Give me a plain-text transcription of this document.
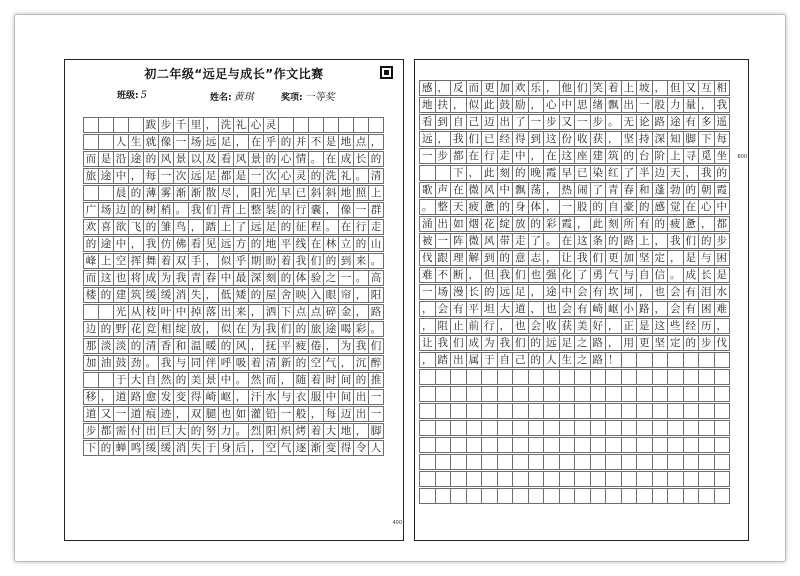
初二年级“远足与成长”作文比赛
班级: 5	姓名: 黄琪	奖项: 一等奖
跋 步 千 里 ， 洗 礼 心 灵
人 生 就 像 一 场 远 足 ， 在 乎 的 并 不 是 地 点 ，
而 是 沿 途 的 风 景 以 及 看 风 景 的 心 情 。 在 成 长 的
旅 途 中 ， 每 一 次 远 足 都 是 一 次 心 灵 的 洗 礼 。 清
晨 的 薄 雾 渐 渐 散 尽 ， 阳 光 早 已 斜 斜 地 照 上
广 场 边 的 树 梢 。 我 们 背 上 整 装 的 行 囊 ， 像 一 群
欢 喜 欲 飞 的 雏 鸟 ， 踏 上 了 远 足 的 征 程 。 在 行 走
的 途 中 ， 我 仿 佛 看 见 远 方 的 地 平 线 在 林 立 的 山
峰 上 空 挥 舞 着 双 手 ， 似 乎 期 盼 着 我 们 的 到 来 。
而 这 也 将 成 为 我 青 春 中 最 深 刻 的 体 验 之 一 。 高
楼 的 建 筑 缓 缓 消 失 ， 低 矮 的 屋 舍 映 入 眼 帘 ， 阳
光 从 枝 叶 中 掉 落 出 来 ， 洒 下 点 点 碎 金 ， 路
边 的 野 花 竞 相 绽 放 ， 似 在 为 我 们 的 旅 途 喝 彩 。
那 淡 淡 的 清 香 和 温 暖 的 风 ， 抚 平 疲 倦 ， 为 我 们
加 油 鼓 劲 。 我 与 同 伴 呼 吸 着 清 新 的 空 气 ， 沉 醉
于 大 自 然 的 美 景 中 。 然 而 ， 随 着 时 间 的 推
移 ， 道 路 愈 发 变 得 崎 岖 ， 汗 水 与 衣 服 中 间 出 一
道 又 一 道 痕 迹 ， 双 腿 也 如 灌 铅 一 般 ， 每 迈 出 一
步 都 需 付 出 巨 大 的 努 力 。 烈 阳 炽 烤 着 大 地 ， 脚
下 的 蝉 鸣 缓 缓 消 失 于 身 后 ， 空 气 逐 渐 变 得 令 人
400
感 ， 反 而 更 加 欢 乐 ， 他 们 笑 着 上 坡 ， 但 又 互 相
地 扶 ， 似 此 鼓 励 ， 心 中 思 绪 飘 出 一 股 力 量 ， 我
看 到 自 己 迈 出 了 一 步 又 一 步 。 无 论 路 途 有 多 遥
远 ， 我 们 已 经 得 到 这 份 收 获 ， 坚 持 深 知 脚 下 每
一 步 都 在 行 走 中 ， 在 这 座 建 筑 的 台 阶 上 寻 觅 坐
下 ， 此 刻 的 晚 霞 早 已 染 红 了 半 边 天 ， 我 的
歌 声 在 微 风 中 飘 荡 ， 热 闹 了 青 春 和 蓬 勃 的 朝 霞
。 整 天 疲 惫 的 身 体 ， 一 股 的 自 豪 的 感 觉 在 心 中
涌 出 如 烟 花 绽 放 的 彩 霞 ， 此 刻 所 有 的 疲 惫 ， 都
被 一 阵 微 风 带 走 了 。 在 这 条 的 路 上 ， 我 们 的 步
伐 跟 理 解 到 的 意 志 ， 让 我 们 更 加 坚 定 ， 是 与 困
难 不 断 ， 但 我 们 也 强 化 了 勇 气 与 自 信 。 成 长 是
一 场 漫 长 的 远 足 ， 途 中 会 有 坎 坷 ， 也 会 有 泪 水
， 会 有 平 坦 大 道 ， 也 会 有 崎 岖 小 路 ， 会 有 困 难
， 阻 止 前 行 ， 也 会 收 获 美 好 ， 正 是 这 些 经 历 ，
让 我 们 成 为 我 们 的 远 足 之 路 ， 用 更 坚 定 的 步 伐
， 踏 出 属 于 自 己 的 人 生 之 路 ！
600
